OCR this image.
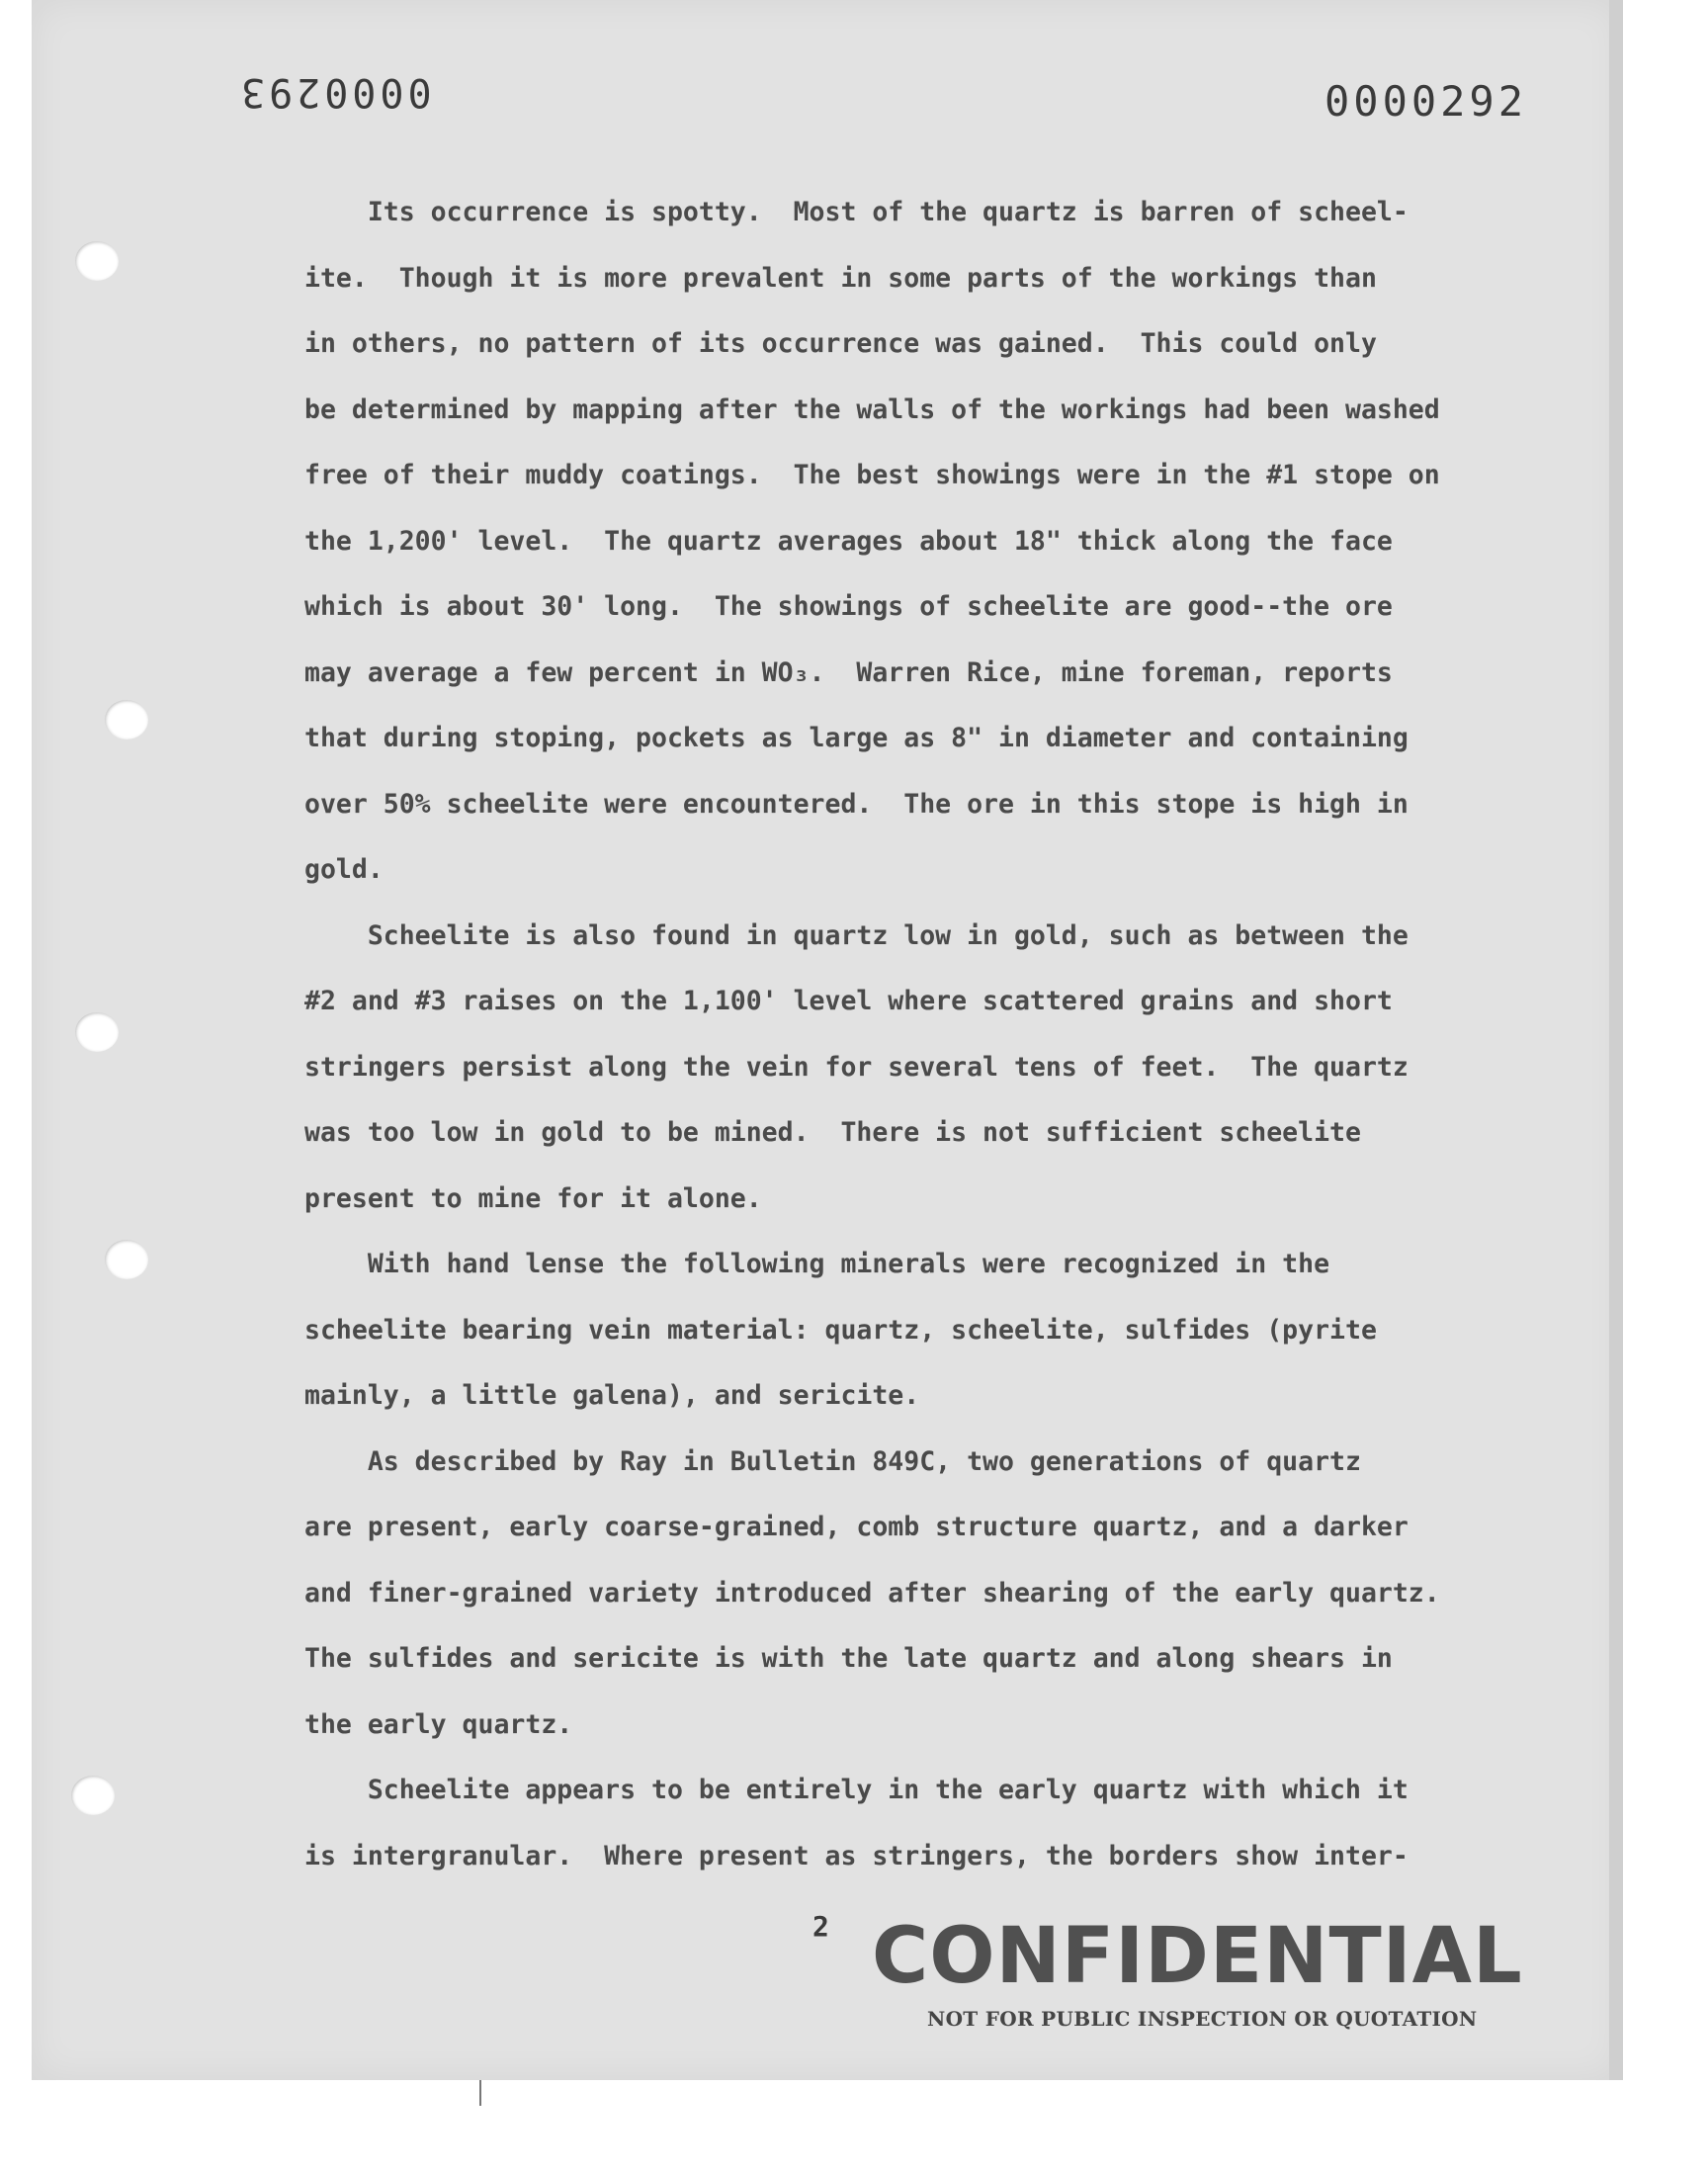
0000293	0000292
Its occurrence is spotty.  Most of the quartz is barren of scheel-
ite.  Though it is more prevalent in some parts of the workings than
in others, no pattern of its occurrence was gained.  This could only
be determined by mapping after the walls of the workings had been washed
free of their muddy coatings.  The best showings were in the #1 stope on
the 1,200' level.  The quartz averages about 18" thick along the face
which is about 30' long.  The showings of scheelite are good--the ore
may average a few percent in WO₃.  Warren Rice, mine foreman, reports
that during stoping, pockets as large as 8" in diameter and containing
over 50% scheelite were encountered.  The ore in this stope is high in
gold.
Scheelite is also found in quartz low in gold, such as between the
#2 and #3 raises on the 1,100' level where scattered grains and short
stringers persist along the vein for several tens of feet.  The quartz
was too low in gold to be mined.  There is not sufficient scheelite
present to mine for it alone.
With hand lense the following minerals were recognized in the
scheelite bearing vein material: quartz, scheelite, sulfides (pyrite
mainly, a little galena), and sericite.
As described by Ray in Bulletin 849C, two generations of quartz
are present, early coarse-grained, comb structure quartz, and a darker
and finer-grained variety introduced after shearing of the early quartz.
The sulfides and sericite is with the late quartz and along shears in
the early quartz.
Scheelite appears to be entirely in the early quartz with which it
is intergranular.  Where present as stringers, the borders show inter-
2 CONFIDENTIAL
NOT FOR PUBLIC INSPECTION OR QUOTATION
